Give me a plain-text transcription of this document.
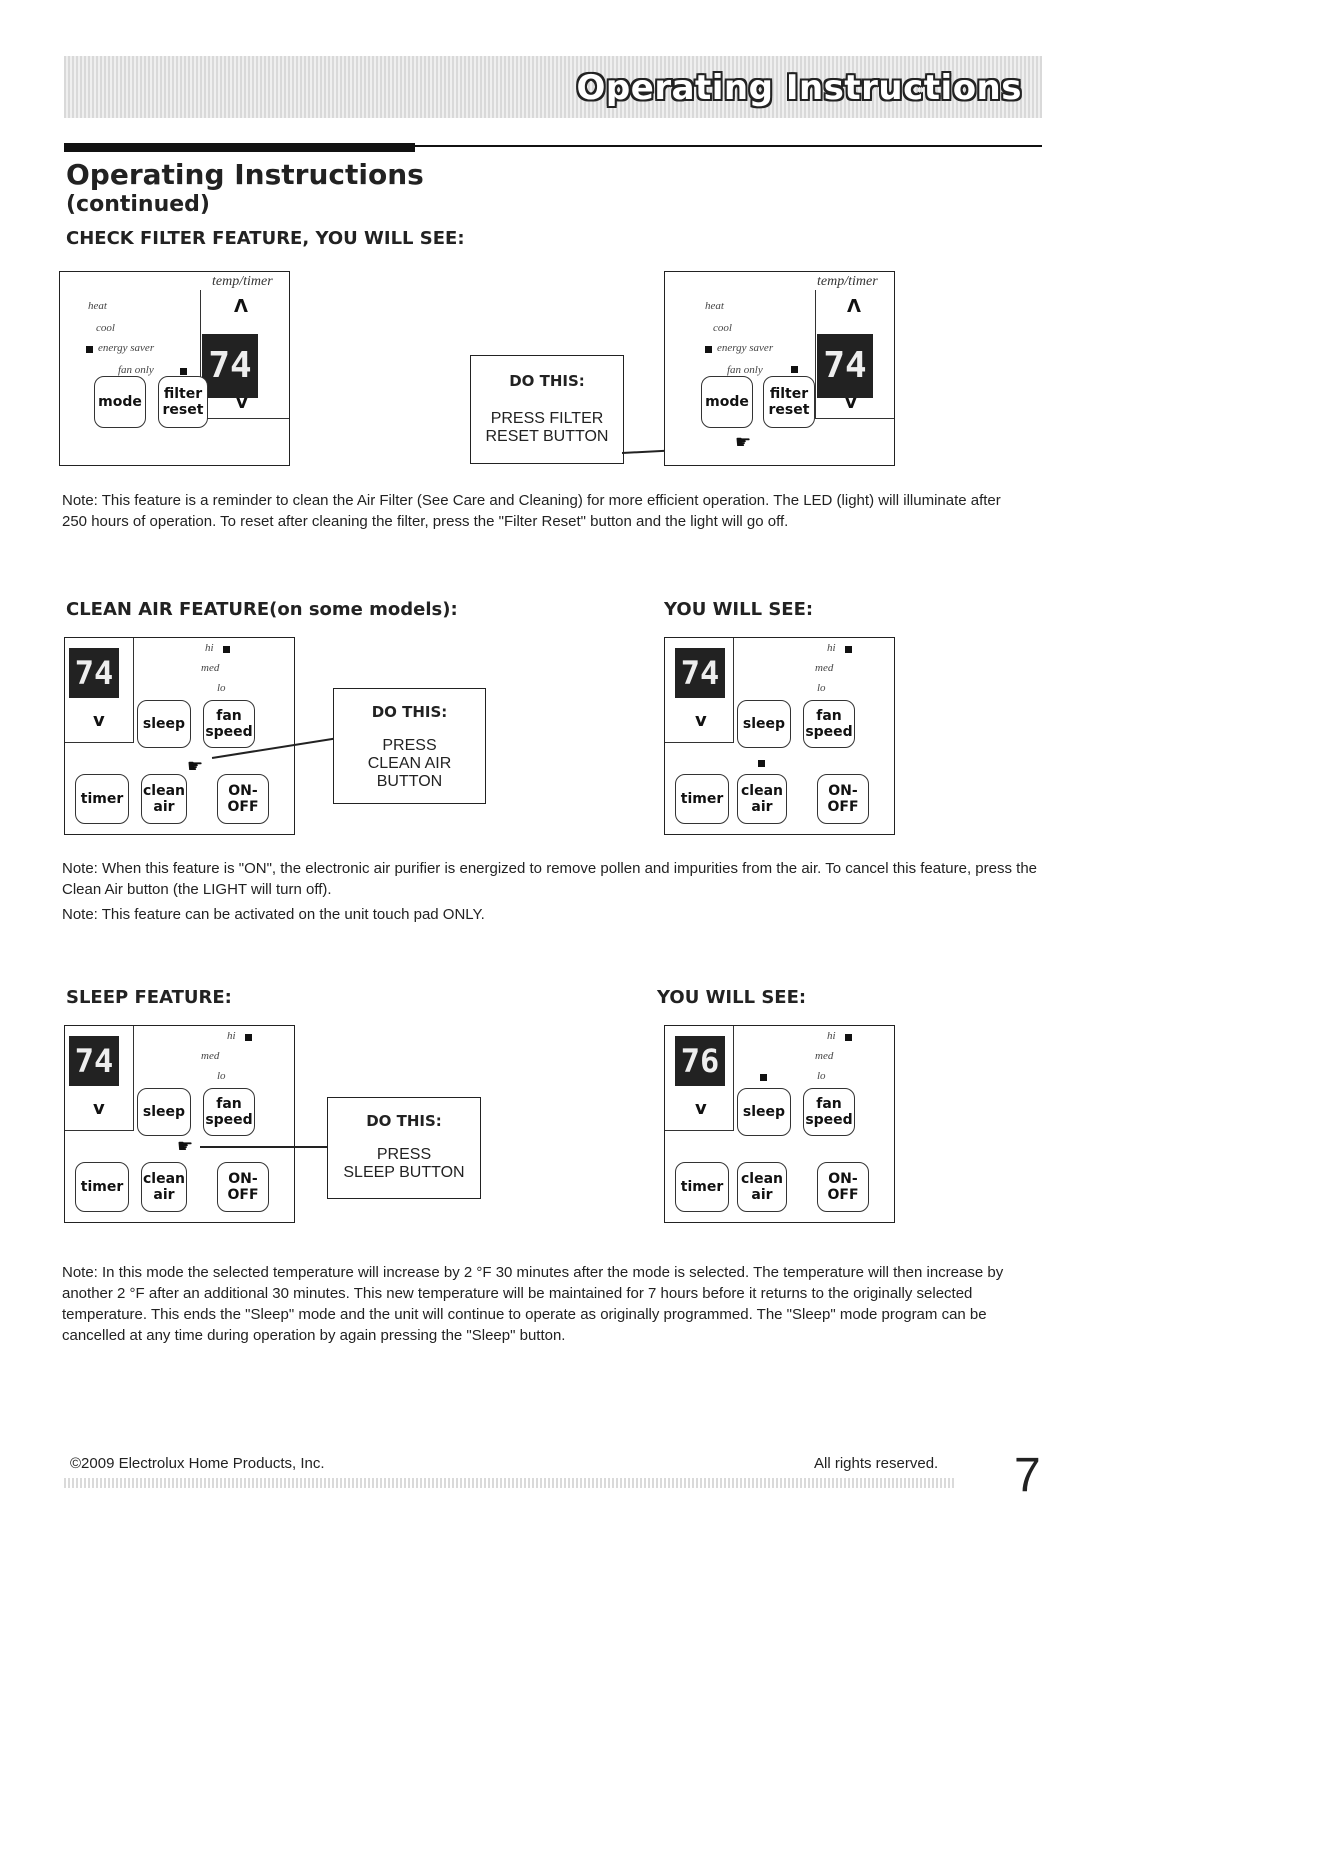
Operating Instructions
Operating Instructions
(continued)
CHECK FILTER FEATURE, YOU WILL SEE:
temp/timer
heat
cool
energy saver
fan only
Λ
74
v
mode filter
reset
DO THIS:
PRESS FILTER
RESET BUTTON
temp/timer
heat
cool
energy saver
fan only
Λ
74
v
mode filter
reset
☛
Note: This feature is a reminder to clean the Air Filter (See Care and Cleaning) for more efficient operation. The LED (light) will illuminate after 250 hours of operation. To reset after cleaning the filter, press the "Filter Reset" button and the light will go off.
CLEAN AIR FEATURE(on some models):	YOU WILL SEE:
hi
med
lo
74
v	sleep fan
speed
timer clean
air
ON-
OFF
☛
DO THIS:
PRESS
CLEAN AIR
BUTTON
hi
med
lo
74
v	sleep fan
speed
timer clean
air
ON-
OFF
Note: When this feature is "ON", the electronic air purifier is energized to remove pollen and impurities from the air. To cancel this feature, press the Clean Air button (the LIGHT will turn off).
Note: This feature can be activated on the unit touch pad ONLY.
SLEEP FEATURE:	YOU WILL SEE:
hi
med
lo
74
v	sleep fan
speed
☛
timer clean
air
ON-
OFF
DO THIS:
PRESS
SLEEP BUTTON
hi
med
lo
76
v	sleep fan
speed
timer clean
air
ON-
OFF
Note: In this mode the selected temperature will increase by 2 °F 30 minutes after the mode is selected. The temperature will then increase by another 2 °F after an additional 30 minutes. This new temperature will be maintained for 7 hours before it returns to the originally selected temperature. This ends the "Sleep" mode and the unit will continue to operate as originally programmed. The "Sleep" mode program can be cancelled at any time during operation by again pressing the "Sleep" button.
©2009 Electrolux Home Products, Inc.	All rights reserved. 7
